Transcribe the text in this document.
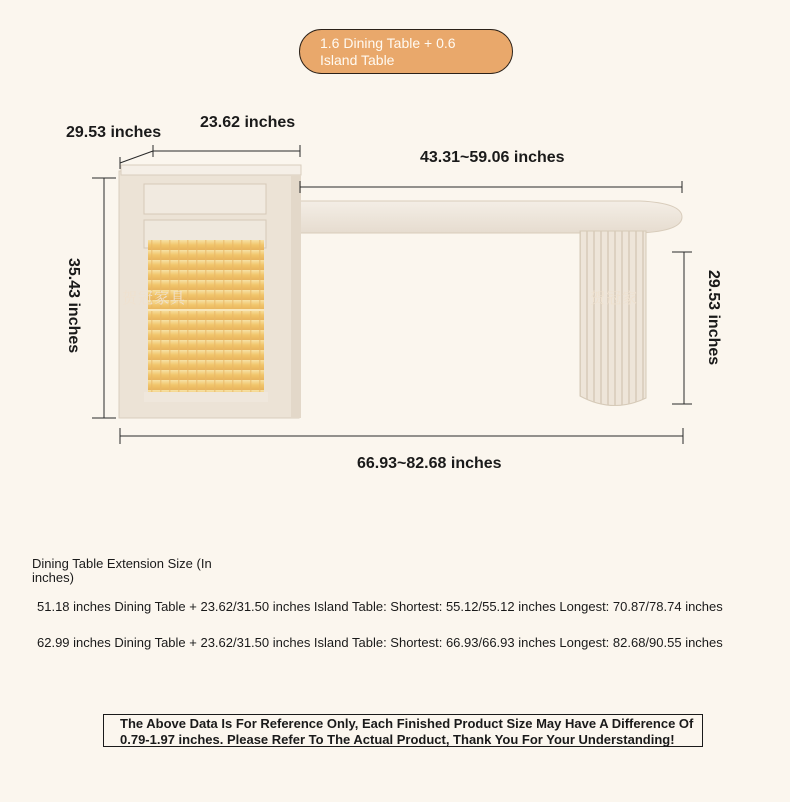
1.6 Dining Table + 0.6 Island Table
29.53 inches
23.62 inches
43.31~59.06 inches
35.43 inches	29.53 inches
66.93~82.68 inches
贺冠家具	贺冠家
Dining Table Extension Size (In inches)
51.18 inches Dining Table + 23.62/31.50 inches Island Table: Shortest: 55.12/55.12 inches Longest: 70.87/78.74 inches
62.99 inches Dining Table + 23.62/31.50 inches Island Table: Shortest: 66.93/66.93 inches Longest: 82.68/90.55 inches
The Above Data Is For Reference Only, Each Finished Product Size May Have A Difference Of 0.79-1.97 inches. Please Refer To The Actual Product, Thank You For Your Understanding!
